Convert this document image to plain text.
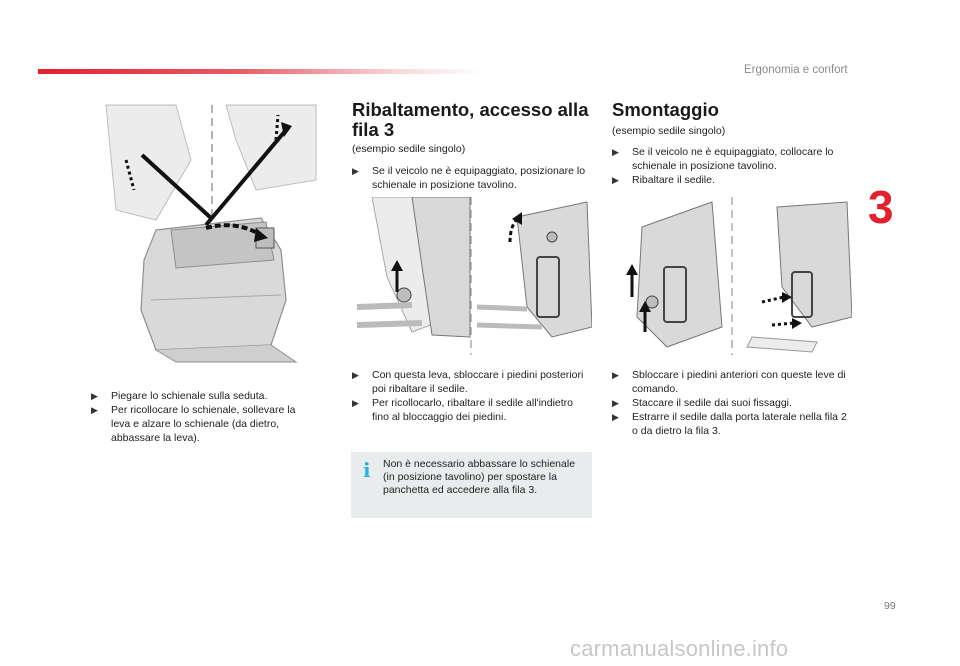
Ergonomia e confort
3
▶ Piegare lo schienale sulla seduta.
▶ Per ricollocare lo schienale, sollevare la leva e alzare lo schienale (da dietro, abbassare la leva).
Ribaltamento, accesso alla fila 3
(esempio sedile singolo)
▶ Se il veicolo ne è equipaggiato, posizionare lo schienale in posizione tavolino.
▶ Con questa leva, sbloccare i piedini posteriori poi ribaltare il sedile.
▶ Per ricollocarlo, ribaltare il sedile all'indietro fino al bloccaggio dei piedini.
i Non è necessario abbassare lo schienale (in posizione tavolino) per spostare la panchetta ed accedere alla fila 3.
Smontaggio
(esempio sedile singolo)
▶ Se il veicolo ne è equipaggiato, collocare lo schienale in posizione tavolino.
▶ Ribaltare il sedile.
▶ Sbloccare i piedini anteriori con queste leve di comando.
▶ Staccare il sedile dai suoi fissaggi.
▶ Estrarre il sedile dalla porta laterale nella fila 2 o da dietro la fila 3.
99
carmanualsonline.info
